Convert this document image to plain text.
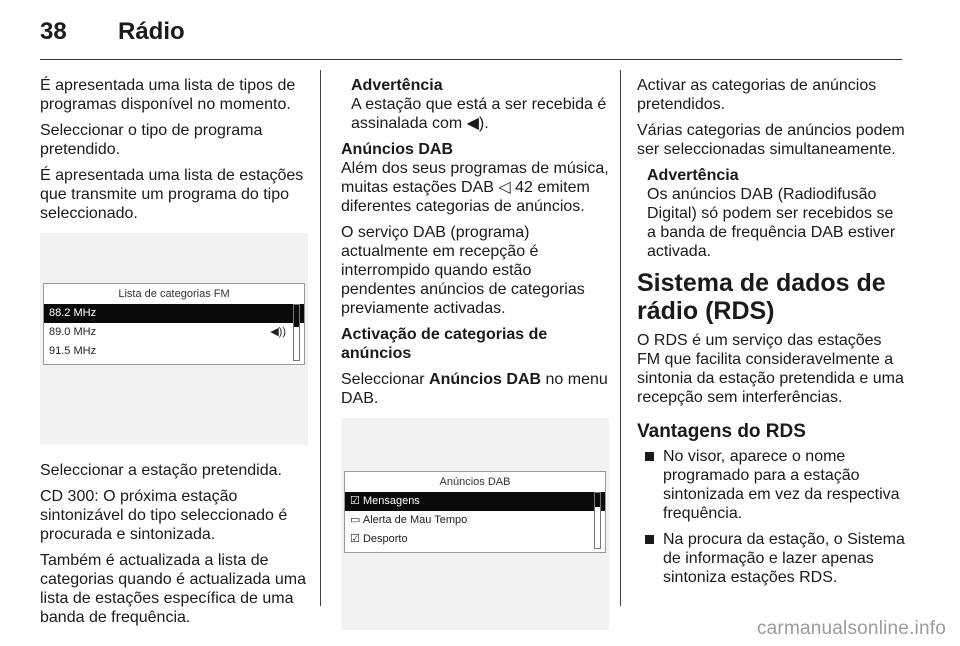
38 Rádio

É apresentada uma lista de tipos de programas disponível no momento.

Seleccionar o tipo de programa pretendido.

É apresentada uma lista de estações que transmite um programa do tipo seleccionado.

Lista de categorias FM
88.2 MHz
89.0 MHz	◀))
91.5 MHz

Seleccionar a estação pretendida.

CD 300: O próxima estação sintonizável do tipo seleccionado é procurada e sintonizada.

Também é actualizada a lista de categorias quando é actualizada uma lista de estações específica de uma banda de frequência.

Advertência
A estação que está a ser recebida é assinalada com ◀).

Anúncios DAB
Além dos seus programas de música, muitas estações DAB ◁ 42 emitem diferentes categorias de anúncios.

O serviço DAB (programa) actualmente em recepção é interrompido quando estão pendentes anúncios de categorias previamente activadas.

Activação de categorias de anúncios

Seleccionar Anúncios DAB no menu DAB.

Anúncios DAB
☑ Mensagens
▭ Alerta de Mau Tempo
☑ Desporto

Activar as categorias de anúncios pretendidos.

Várias categorias de anúncios podem ser seleccionadas simultaneamente.

Advertência
Os anúncios DAB (Radiodifusão Digital) só podem ser recebidos se a banda de frequência DAB estiver activada.
Sistema de dados de rádio (RDS)

O RDS é um serviço das estações FM que facilita consideravelmente a sintonia da estação pretendida e uma recepção sem interferências.

Vantagens do RDS
No visor, aparece o nome programado para a estação sintonizada em vez da respectiva frequência.
Na procura da estação, o Sistema de informação e lazer apenas sintoniza estações RDS.
carmanualsonline.info
